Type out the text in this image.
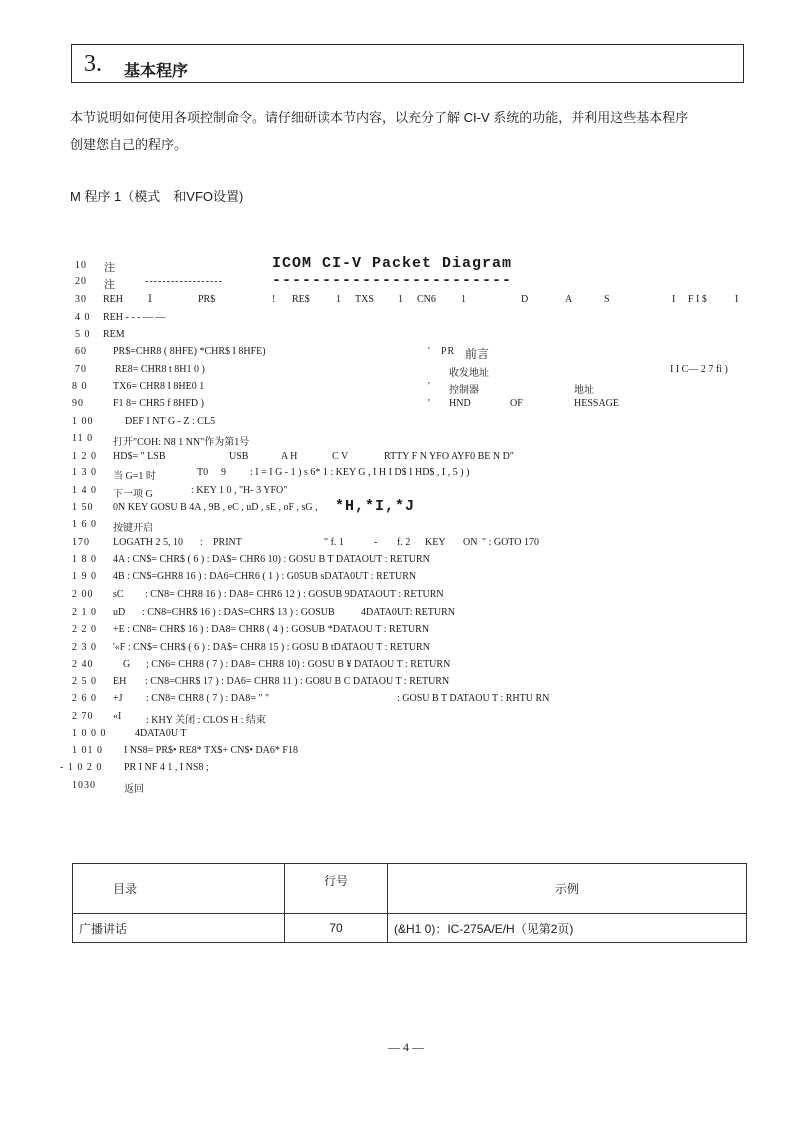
3. 基本程序
本节说明如何使用各项控制命令。请仔细研读本节内容，以充分了解 CI-V 系统的功能，并利用这些基本程序
创建您自己的程序。
M 程序 1（模式　和VFO设置)
10 注	ICOM CI-V Packet Diagram
20 注	------------------	------------------------
30 REH	Ⅰ	PR$	! RE$	1 TXS 1 CN6	1	D	A	S	I F I $	I
4 0 REH - - - — —
5 0 REM
60	PR$=CHR8 ( 8HFE) *CHR$ I 8HFE)	' PR 前言
70	RE8= CHR8 t 8H1 0 )	收发地址	I I C— 2 7 fi )
8 0	TX6= CHR8 I 8HE0 1	' 控制器	地址
90	F1 8= CHR5 f 8HFD )	' HND	OF	HESSAGE
1 00	DEF I NT G - Z : CL5
11 0 打开"COH: N8 1 NN"作为第1号
1 2 0 HD$= " LSB	USB	A H	C V	RTTY F N YFO AYF0 BE N D"
1 3 0 当 G=1 时	T0 9 : I = I G - 1 ) s 6* 1 : KEY G , I H I D$ I HD$ , I , 5 ) )
1 4 0 下一项 G	: KEY 1 0 , "H- 3 YFO"
1 50 0N KEY GOSU B 4A , 9B , eC , uD , sE , oF , sG , *H,*I,*J
1 6 0 按键开启
170 LOGATH 2 5, 10 : PRINT	" f. 1	- f. 2 KEY ON " : GOTO 170
1 8 0 4A : CN$= CHR$ ( 6 ) : DA$= CHR6 10) : GOSU B T DATAOUT : RETURN
1 9 0 4B : CN$=GHR8 16 ) : DA6=CHR6 ( 1 ) : G05UB sDATA0UT : RETURN
2 00 sC : CN8= CHR8 16 ) : DA8= CHR6 12 ) : GOSUB 9DATAOUT : RETURN
2 1 0 uD : CN8=CHR$ 16 ) : DAS=CHR$ 13 ) : GOSUB	4DATA0UT: RETURN
2 2 0 +E : CN8= CHR$ 16 ) : DA8= CHR8 ( 4 ) : GOSUB *DATAOU T : RETURN
2 3 0 '«F : CN$= CHR$ ( 6 ) : DA$= CHR8 15 ) : GOSU B tDATAOU T : RETURN
2 40	G ; CN6= CHR8 ( 7 ) : DA8= CHR8 10) : GOSU B ¥ DATAOU T : RETURN
2 5 0 EH : CN8=CHR$ 17 ) : DA6= CHR8 11 ) : GO8U B C DATAOU T : RETURN
2 6 0 +J : CN8= CHR8 ( 7 ) : DA8= " "	: GOSU B T DATAOU T : RHTU RN
2 70 «I : KHY 关闭 : CLOS H : 结束
1 0 0 0	4DATA0U T
1 01 0 I NS8= PR$• RE8* TX$+ CN$• DA6* F18
- 1 0 2 0 PR I NF 4 1 , I NS8 ;
1030	返回
目录	行号	示例
广播讲话	70	(&H1 0)：IC-275A/E/H（见第2页)
— 4 —
